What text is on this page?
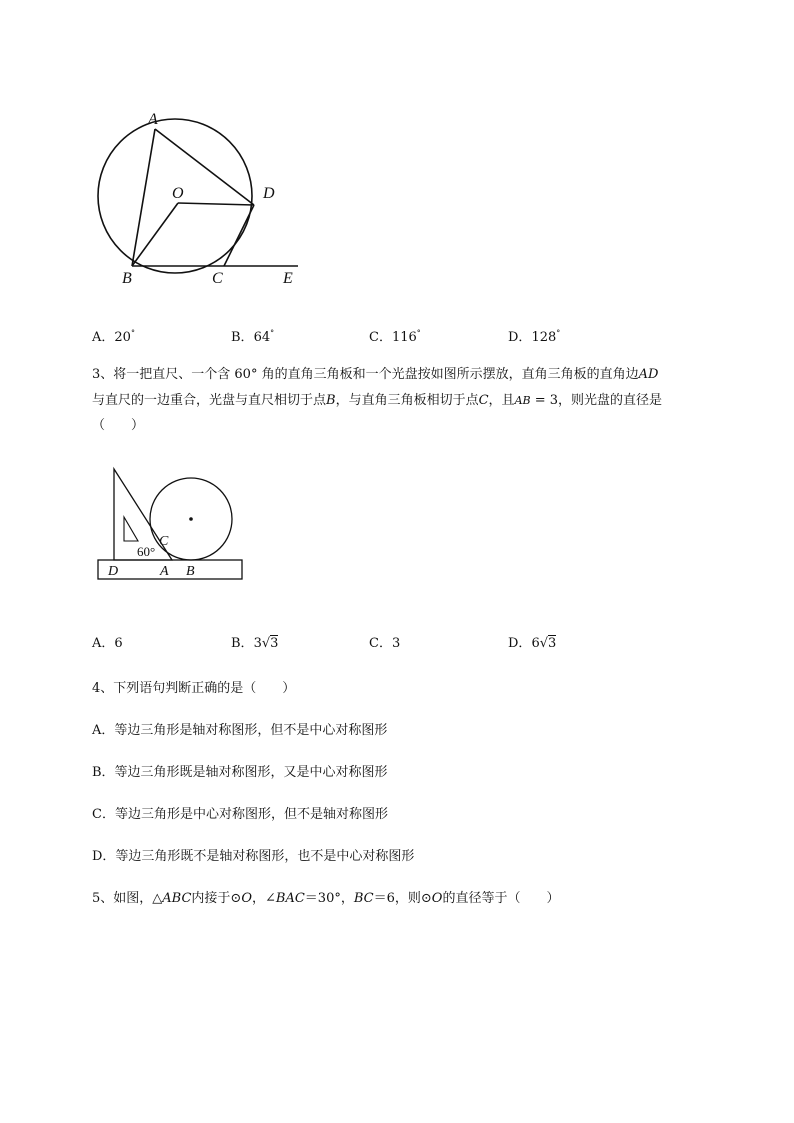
A
O	D
B	C	E
A．20°	B．64°	C．116°	D．128°
3、将一把直尺、一个含 60° 角的直角三角板和一个光盘按如图所示摆放，直角三角板的直角边AD
与直尺的一边重合，光盘与直尺相切于点B，与直角三角板相切于点C，且AB = 3，则光盘的直径是
（　　）
C
60°
D	A B
A．6	B．3√3	C．3	D．6√3
4、下列语句判断正确的是（　　）
A．等边三角形是轴对称图形，但不是中心对称图形
B．等边三角形既是轴对称图形，又是中心对称图形
C．等边三角形是中心对称图形，但不是轴对称图形
D．等边三角形既不是轴对称图形，也不是中心对称图形
5、如图，△ABC内接于⊙O，∠BAC＝30°，BC＝6，则⊙O的直径等于（　　）
